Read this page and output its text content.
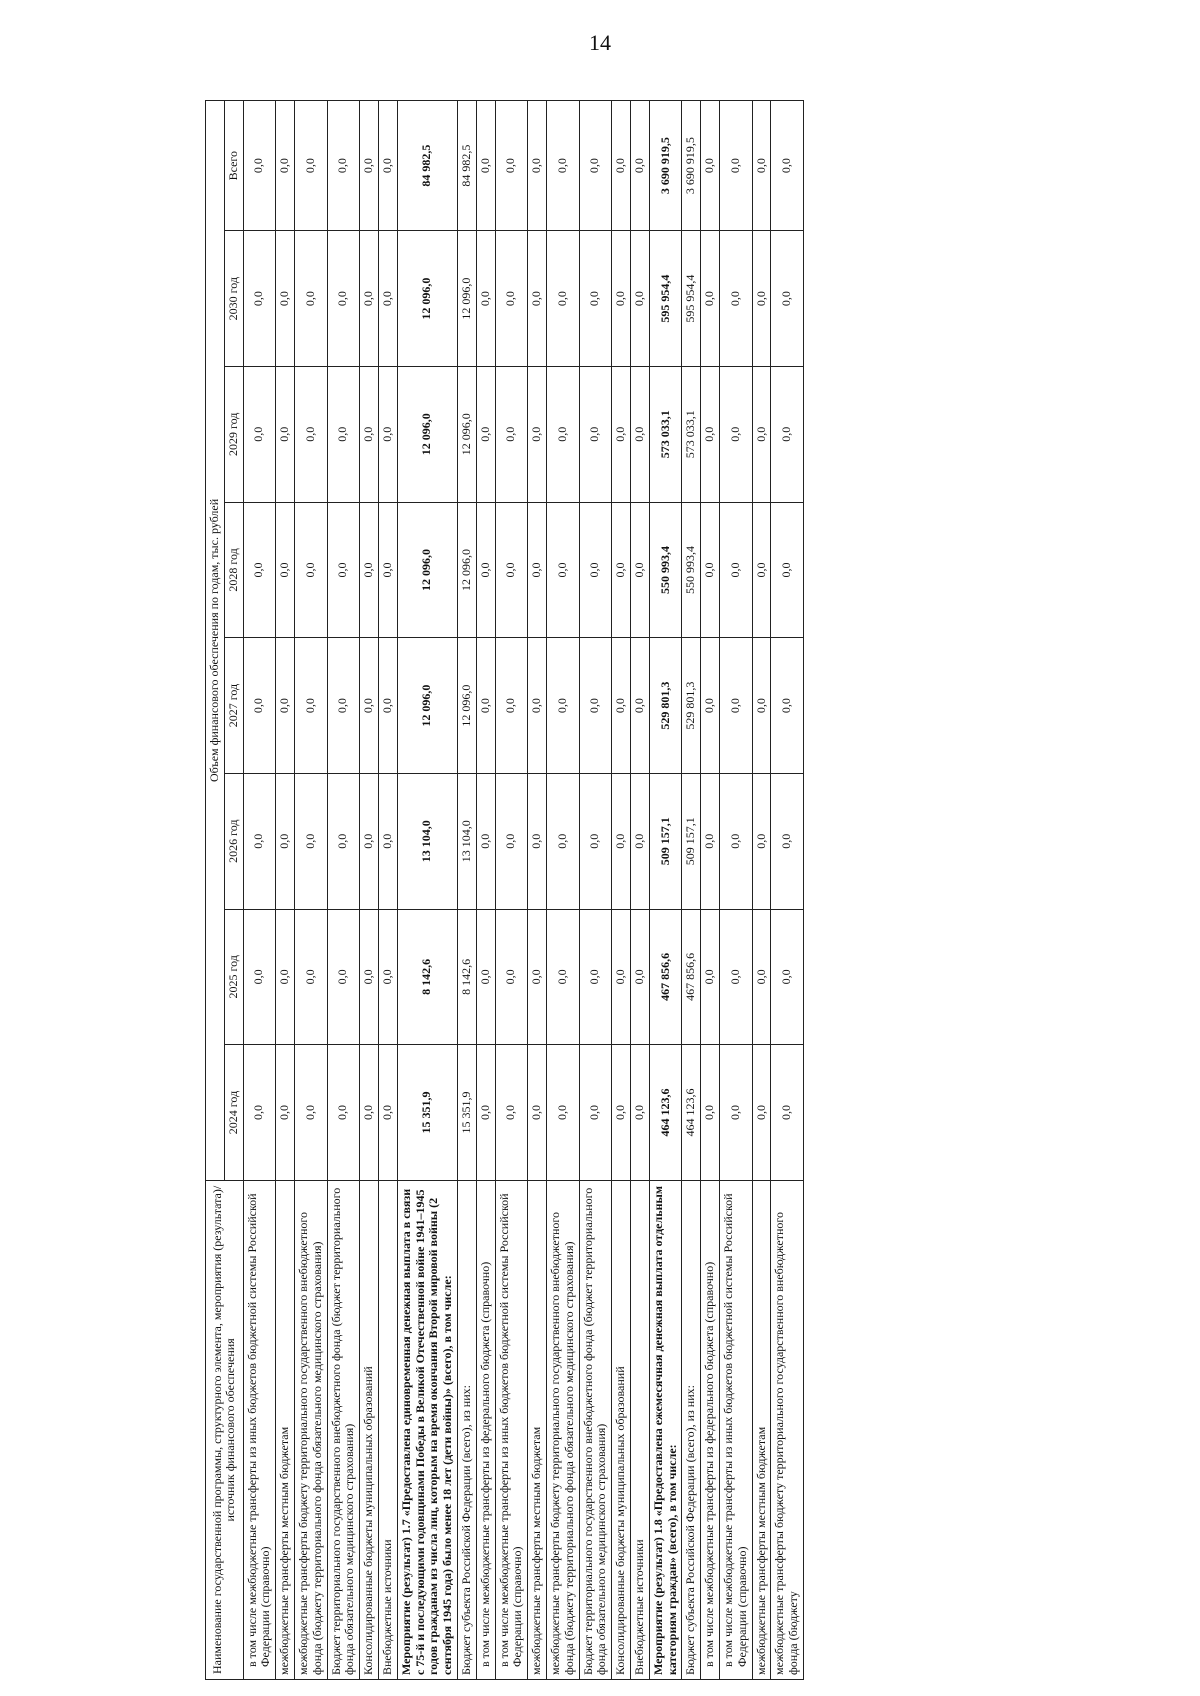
14
Наименование государственной программы, структурного элемента, мероприятия (результата)/источник финансового обеспечения	Объем финансового обеспечения по годам, тыс. рублей							
	2024 год	2025 год	2026 год	2027 год	2028 год	2029 год	2030 год	Всего
в том числе межбюджетные трансферты из иных бюджетов бюджетной системы Российской Федерации (справочно)	0,0	0,0	0,0	0,0	0,0	0,0	0,0	0,0
межбюджетные трансферты местным бюджетам	0,0	0,0	0,0	0,0	0,0	0,0	0,0	0,0
межбюджетные трансферты бюджету территориального государственного внебюджетного фонда (бюджету территориального фонда обязательного медицинского страхования)	0,0	0,0	0,0	0,0	0,0	0,0	0,0	0,0
Бюджет территориального государственного внебюджетного фонда (бюджет территориального фонда обязательного медицинского страхования)	0,0	0,0	0,0	0,0	0,0	0,0	0,0	0,0
Консолидированные бюджеты муниципальных образований	0,0	0,0	0,0	0,0	0,0	0,0	0,0	0,0
Внебюджетные источники	0,0	0,0	0,0	0,0	0,0	0,0	0,0	0,0
Мероприятие (результат) 1.7 «Предоставлена единовременная денежная выплата в связи с 75-й и последующими годовщинами Победы в Великой Отечественной войне 1941–1945 годов гражданам из числа лиц, которым на время окончания Второй мировой войны (2 сентября 1945 года) было менее 18 лет (дети войны)» (всего), в том числе:	15 351,9	8 142,6	13 104,0	12 096,0	12 096,0	12 096,0	12 096,0	84 982,5
Бюджет субъекта Российской Федерации (всего), из них:	15 351,9	8 142,6	13 104,0	12 096,0	12 096,0	12 096,0	12 096,0	84 982,5
в том числе межбюджетные трансферты из федерального бюджета (справочно)	0,0	0,0	0,0	0,0	0,0	0,0	0,0	0,0
в том числе межбюджетные трансферты из иных бюджетов бюджетной системы Российской Федерации (справочно)	0,0	0,0	0,0	0,0	0,0	0,0	0,0	0,0
межбюджетные трансферты местным бюджетам	0,0	0,0	0,0	0,0	0,0	0,0	0,0	0,0
межбюджетные трансферты бюджету территориального государственного внебюджетного фонда (бюджету территориального фонда обязательного медицинского страхования)	0,0	0,0	0,0	0,0	0,0	0,0	0,0	0,0
Бюджет территориального государственного внебюджетного фонда (бюджет территориального фонда обязательного медицинского страхования)	0,0	0,0	0,0	0,0	0,0	0,0	0,0	0,0
Консолидированные бюджеты муниципальных образований	0,0	0,0	0,0	0,0	0,0	0,0	0,0	0,0
Внебюджетные источники	0,0	0,0	0,0	0,0	0,0	0,0	0,0	0,0
Мероприятие (результат) 1.8 «Предоставлена ежемесячная денежная выплата отдельным категориям граждан» (всего), в том числе:	464 123,6	467 856,6	509 157,1	529 801,3	550 993,4	573 033,1	595 954,4	3 690 919,5
Бюджет субъекта Российской Федерации (всего), из них:	464 123,6	467 856,6	509 157,1	529 801,3	550 993,4	573 033,1	595 954,4	3 690 919,5
в том числе межбюджетные трансферты из федерального бюджета (справочно)	0,0	0,0	0,0	0,0	0,0	0,0	0,0	0,0
в том числе межбюджетные трансферты из иных бюджетов бюджетной системы Российской Федерации (справочно)	0,0	0,0	0,0	0,0	0,0	0,0	0,0	0,0
межбюджетные трансферты местным бюджетам	0,0	0,0	0,0	0,0	0,0	0,0	0,0	0,0
межбюджетные трансферты бюджету территориального государственного внебюджетного фонда (бюджету	0,0	0,0	0,0	0,0	0,0	0,0	0,0	0,0
